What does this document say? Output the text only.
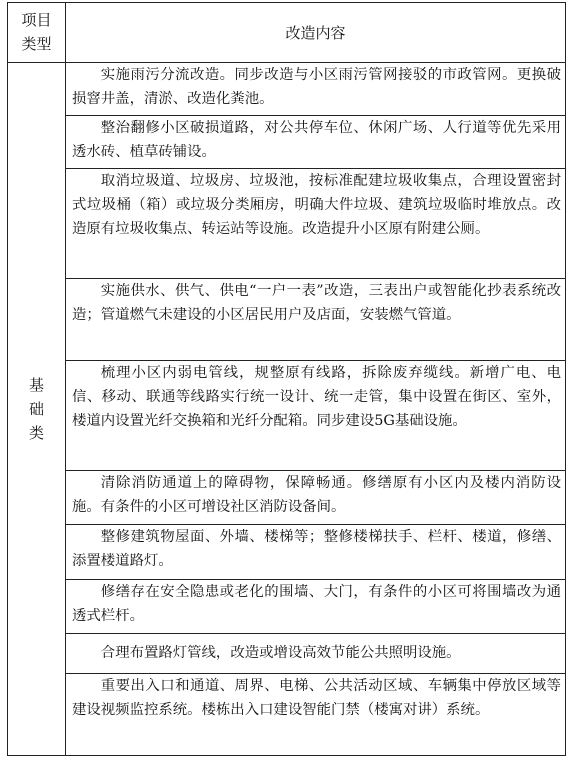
项目类型	改造内容

基础类	实施雨污分流改造。同步改造与小区雨污管网接驳的市政管网。更换破损窨井盖，清淤、改造化粪池。
	整治翻修小区破损道路，对公共停车位、休闲广场、人行道等优先采用透水砖、植草砖铺设。
	取消垃圾道、垃圾房、垃圾池，按标准配建垃圾收集点，合理设置密封式垃圾桶（箱）或垃圾分类厢房，明确大件垃圾、建筑垃圾临时堆放点。改造原有垃圾收集点、转运站等设施。改造提升小区原有附建公厕。
	实施供水、供气、供电“一户一表”改造，三表出户或智能化抄表系统改造；管道燃气未建设的小区居民用户及店面，安装燃气管道。
	梳理小区内弱电管线，规整原有线路，拆除废弃缆线。新增广电、电信、移动、联通等线路实行统一设计、统一走管，集中设置在街区、室外，楼道内设置光纤交换箱和光纤分配箱。同步建设5G基础设施。
	清除消防通道上的障碍物，保障畅通。修缮原有小区内及楼内消防设施。有条件的小区可增设社区消防设备间。
	整修建筑物屋面、外墙、楼梯等；整修楼梯扶手、栏杆、楼道，修缮、添置楼道路灯。
	修缮存在安全隐患或老化的围墙、大门，有条件的小区可将围墙改为通透式栏杆。
	合理布置路灯管线，改造或增设高效节能公共照明设施。
	重要出入口和通道、周界、电梯、公共活动区域、车辆集中停放区域等建设视频监控系统。楼栋出入口建设智能门禁（楼寓对讲）系统。
